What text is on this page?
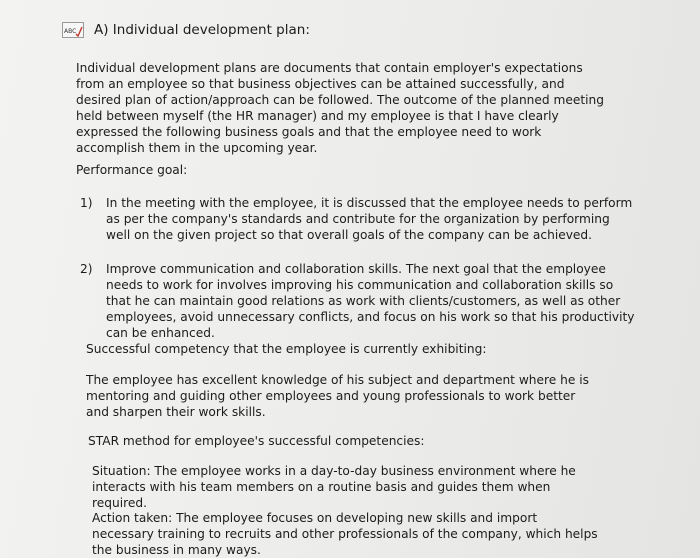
ABC A) Individual development plan:

Individual development plans are documents that contain employer's expectations from an employee so that business objectives can be attained successfully, and desired plan of action/approach can be followed. The outcome of the planned meeting held between myself (the HR manager) and my employee is that I have clearly expressed the following business goals and that the employee need to work accomplish them in the upcoming year.

Performance goal:

1) In the meeting with the employee, it is discussed that the employee needs to perform as per the company's standards and contribute for the organization by performing well on the given project so that overall goals of the company can be achieved.
2) Improve communication and collaboration skills. The next goal that the employee needs to work for involves improving his communication and collaboration skills so that he can maintain good relations as work with clients/customers, as well as other employees, avoid unnecessary conflicts, and focus on his work so that his productivity can be enhanced.

Successful competency that the employee is currently exhibiting:

The employee has excellent knowledge of his subject and department where he is mentoring and guiding other employees and young professionals to work better and sharpen their work skills.

STAR method for employee's successful competencies:

Situation: The employee works in a day-to-day business environment where he interacts with his team members on a routine basis and guides them when required.

Action taken: The employee focuses on developing new skills and import necessary training to recruits and other professionals of the company, which helps the business in many ways.
